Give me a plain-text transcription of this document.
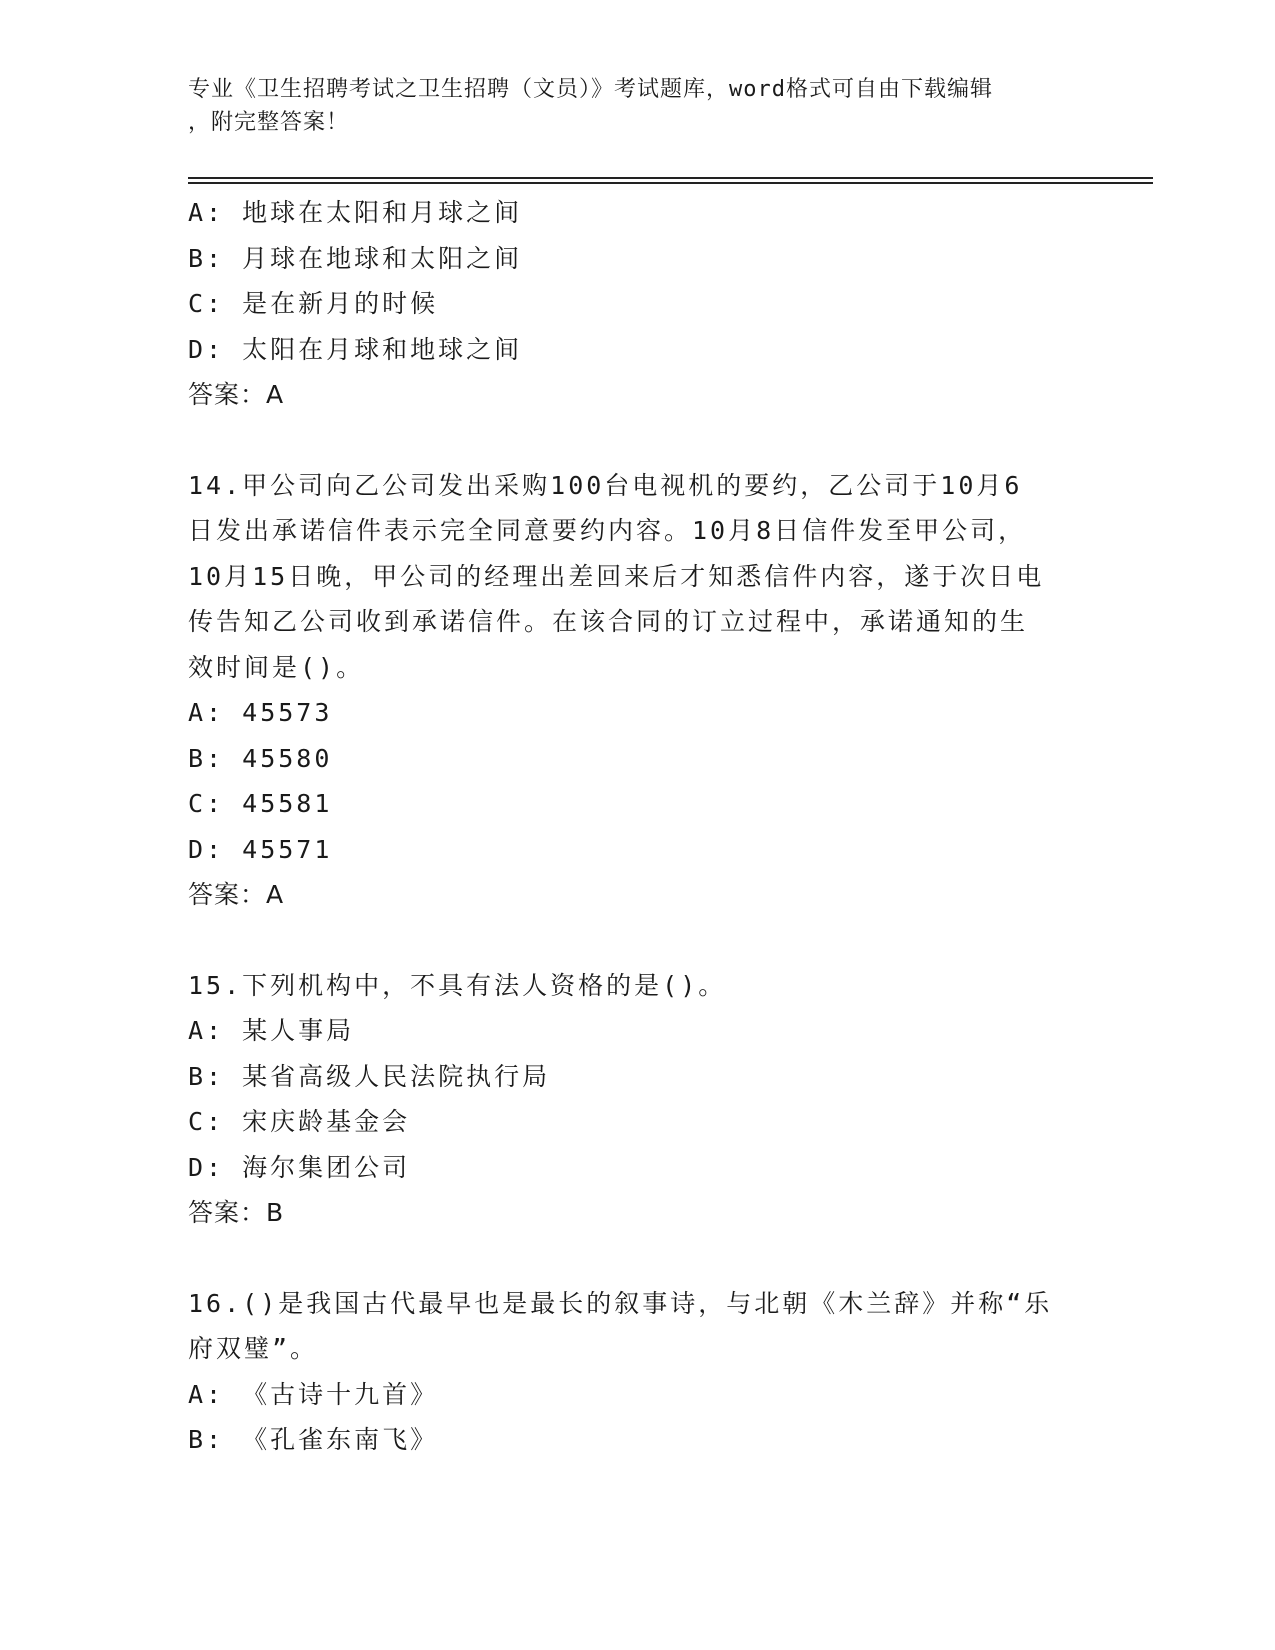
专业《卫生招聘考试之卫生招聘（文员）》考试题库，word格式可自由下载编辑
，附完整答案！
A: 地球在太阳和月球之间
B: 月球在地球和太阳之间
C: 是在新月的时候
D: 太阳在月球和地球之间
答案：A
14.甲公司向乙公司发出采购100台电视机的要约，乙公司于10月6
日发出承诺信件表示完全同意要约内容。10月8日信件发至甲公司，
10月15日晚，甲公司的经理出差回来后才知悉信件内容，遂于次日电
传告知乙公司收到承诺信件。在该合同的订立过程中，承诺通知的生
效时间是()。
A: 45573
B: 45580
C: 45581
D: 45571
答案：A
15.下列机构中，不具有法人资格的是()。
A: 某人事局
B: 某省高级人民法院执行局
C: 宋庆龄基金会
D: 海尔集团公司
答案：B
16.()是我国古代最早也是最长的叙事诗，与北朝《木兰辞》并称“乐
府双璧”。
A: 《古诗十九首》
B: 《孔雀东南飞》
